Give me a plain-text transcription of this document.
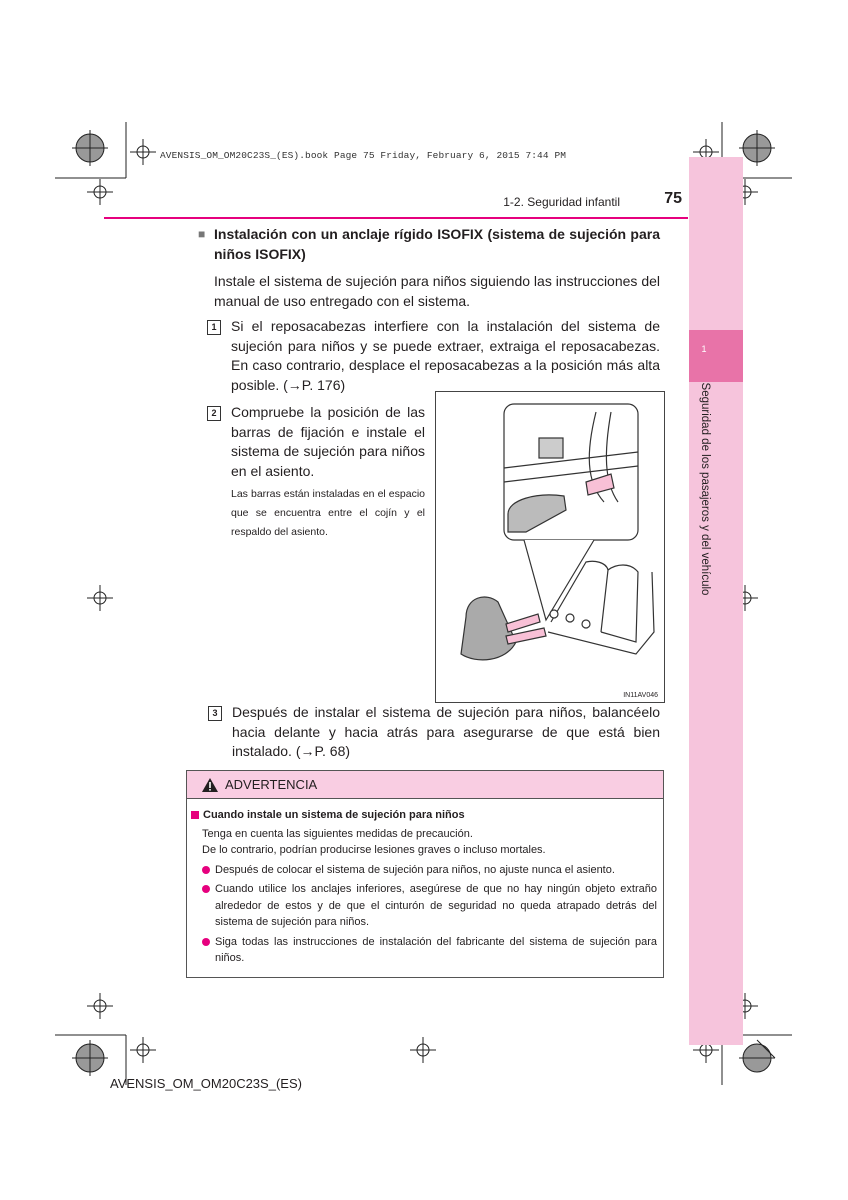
AVENSIS_OM_OM20C23S_(ES).book Page 75 Friday, February 6, 2015 7:44 PM
1
Seguridad de los pasajeros y del vehículo
1-2. Seguridad infantil	75
■ Instalación con un anclaje rígido ISOFIX (sistema de sujeción para niños ISOFIX)
Instale el sistema de sujeción para niños siguiendo las instrucciones del manual de uso entregado con el sistema.
1	Si el reposacabezas interfiere con la instalación del sistema de sujeción para niños y se puede extraer, extraiga el reposacabezas. En caso contrario, desplace el reposacabezas a la posición más alta posible. (→P. 176)
2	Compruebe la posición de las barras de fijación e instale el sistema de sujeción para niños en el asiento.
Las barras están instaladas en el espacio que se encuentra entre el cojín y el respaldo del asiento.
IN11AV046
3	Después de instalar el sistema de sujeción para niños, balancéelo hacia delante y hacia atrás para asegurarse de que está bien instalado. (→P. 68)
ADVERTENCIA
Cuando instale un sistema de sujeción para niños
Tenga en cuenta las siguientes medidas de precaución.
De lo contrario, podrían producirse lesiones graves o incluso mortales.
Después de colocar el sistema de sujeción para niños, no ajuste nunca el asiento.
Cuando utilice los anclajes inferiores, asegúrese de que no hay ningún objeto extraño alrededor de estos y de que el cinturón de seguridad no queda atrapado detrás del sistema de sujeción para niños.
Siga todas las instrucciones de instalación del fabricante del sistema de sujeción para niños.
AVENSIS_OM_OM20C23S_(ES)
